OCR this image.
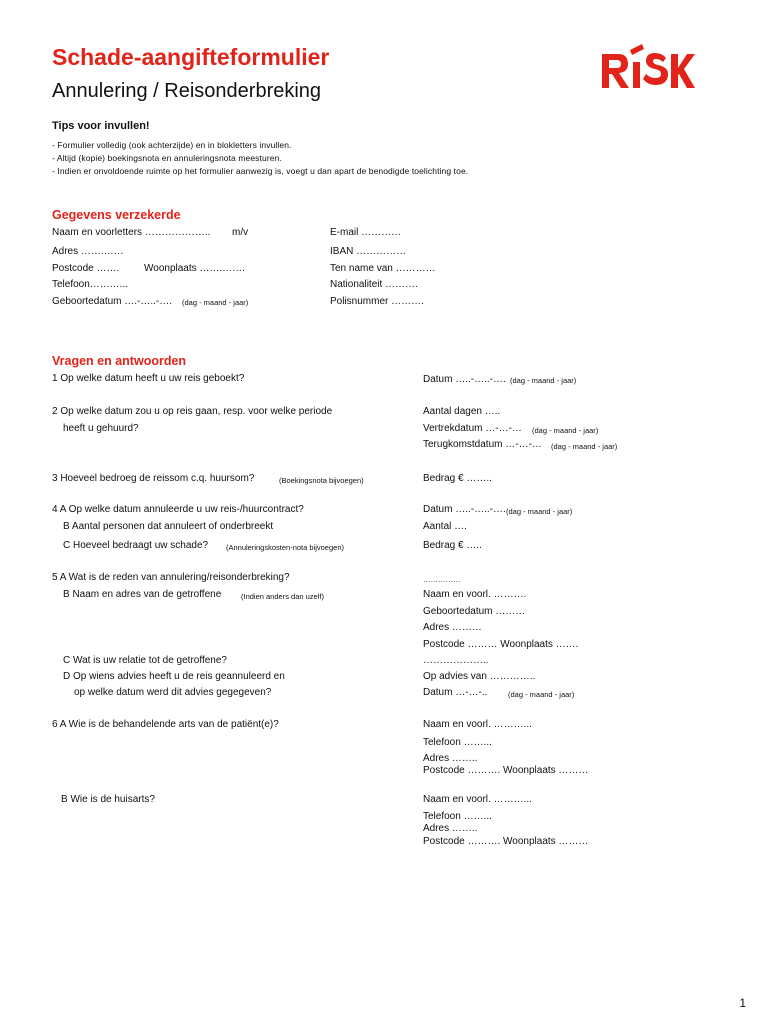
Schade-aangifteformulier
Annulering / Reisonderbreking
RISK
Tips voor invullen!
- Formulier volledig (ook achterzijde) en in blokletters invullen.
- Altijd (kopie) boekingsnota en annuleringsnota meesturen.
- Indien er onvoldoende ruimte op het formulier aanwezig is, voegt u dan apart de benodigde toelichting toe.
Gegevens verzekerde
Naam en voorletters ……………….. m/v	E-mail …………
Adres …….……	IBAN ……………
Postcode ……. Woonplaats …….…….	Ten name van …………
Telefoon…….…..	Nationaliteit ……….
Geboortedatum ….-…..-…. (dag - maand - jaar)	Polisnummer ……….
Vragen en antwoorden
1 Op welke datum heeft u uw reis geboekt?	Datum …..-…..-…. (dag - maand - jaar)
2 Op welke datum zou u op reis gaan, resp. voor welke periode
heeft u gehuurd?
Aantal dagen …..
Vertrekdatum …-…-… (dag - maand - jaar)
Terugkomstdatum …-…-… (dag - maand - jaar)
3 Hoeveel bedroeg de reissom c.q. huursom?	(Boekingsnota bijvoegen)	Bedrag € ……..
4 A Op welke datum annuleerde u uw reis-/huurcontract?	Datum …..-…..-…. (dag - maand - jaar)
B Aantal personen dat annuleert of onderbreekt	Aantal ….
C Hoeveel bedraagt uw schade? (Annuleringskosten-nota bijvoegen)	Bedrag € …..
5 A Wat is de reden van annulering/reisonderbreking?	……………
B Naam en adres van de getroffene	(Indien anders dan uzelf)	Naam en voorl. ……….
Geboortedatum ………
Adres ………
Postcode ……… Woonplaats …….
C Wat is uw relatie tot de getroffene?	………………..
D Op wiens advies heeft u de reis geannuleerd en
op welke datum werd dit advies gegegeven?
Op advies van …………..
Datum …-…-..	(dag - maand - jaar)
6 A Wie is de behandelende arts van de patiënt(e)?	Naam en voorl. ………...
Telefoon ……...
Adres ……..
Postcode ………. Woonplaats ………
B Wie is de huisarts?	Naam en voorl. ………...
Telefoon ……...
Adres ……..
Postcode ………. Woonplaats ………
1
